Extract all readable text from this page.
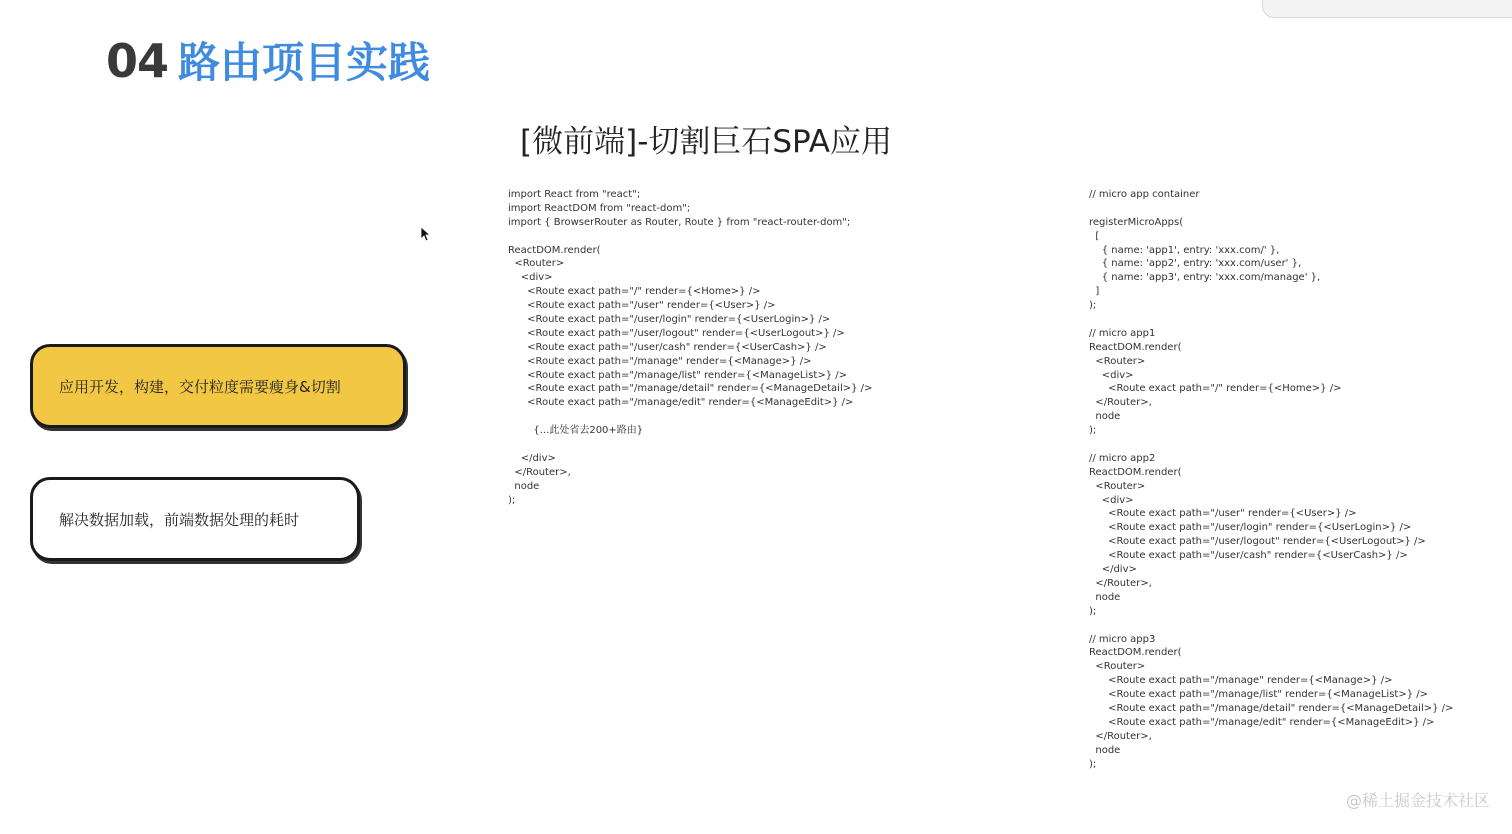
04 路由项目实践
[微前端]-切割巨石SPA应用
应用开发，构建，交付粒度需要瘦身&切割
解决数据加载，前端数据处理的耗时
import React from "react";
import ReactDOM from "react-dom";
import { BrowserRouter as Router, Route } from "react-router-dom";
ReactDOM.render(
<Router>
<div>
<Route exact path="/" render={<Home>} />
<Route exact path="/user" render={<User>} />
<Route exact path="/user/login" render={<UserLogin>} />
<Route exact path="/user/logout" render={<UserLogout>} />
<Route exact path="/user/cash" render={<UserCash>} />
<Route exact path="/manage" render={<Manage>} />
<Route exact path="/manage/list" render={<ManageList>} />
<Route exact path="/manage/detail" render={<ManageDetail>} />
<Route exact path="/manage/edit" render={<ManageEdit>} />
{...此处省去200+路由}
</div>
</Router>,
node
);
// micro app container
registerMicroApps(
[
{ name: 'app1', entry: 'xxx.com/' },
{ name: 'app2', entry: 'xxx.com/user' },
{ name: 'app3', entry: 'xxx.com/manage' },
]
);
// micro app1
ReactDOM.render(
<Router>
<div>
<Route exact path="/" render={<Home>} />
</Router>,
node
);
// micro app2
ReactDOM.render(
<Router>
<div>
<Route exact path="/user" render={<User>} />
<Route exact path="/user/login" render={<UserLogin>} />
<Route exact path="/user/logout" render={<UserLogout>} />
<Route exact path="/user/cash" render={<UserCash>} />
</div>
</Router>,
node
);
// micro app3
ReactDOM.render(
<Router>
<Route exact path="/manage" render={<Manage>} />
<Route exact path="/manage/list" render={<ManageList>} />
<Route exact path="/manage/detail" render={<ManageDetail>} />
<Route exact path="/manage/edit" render={<ManageEdit>} />
</Router>,
node
);
@稀土掘金技术社区
